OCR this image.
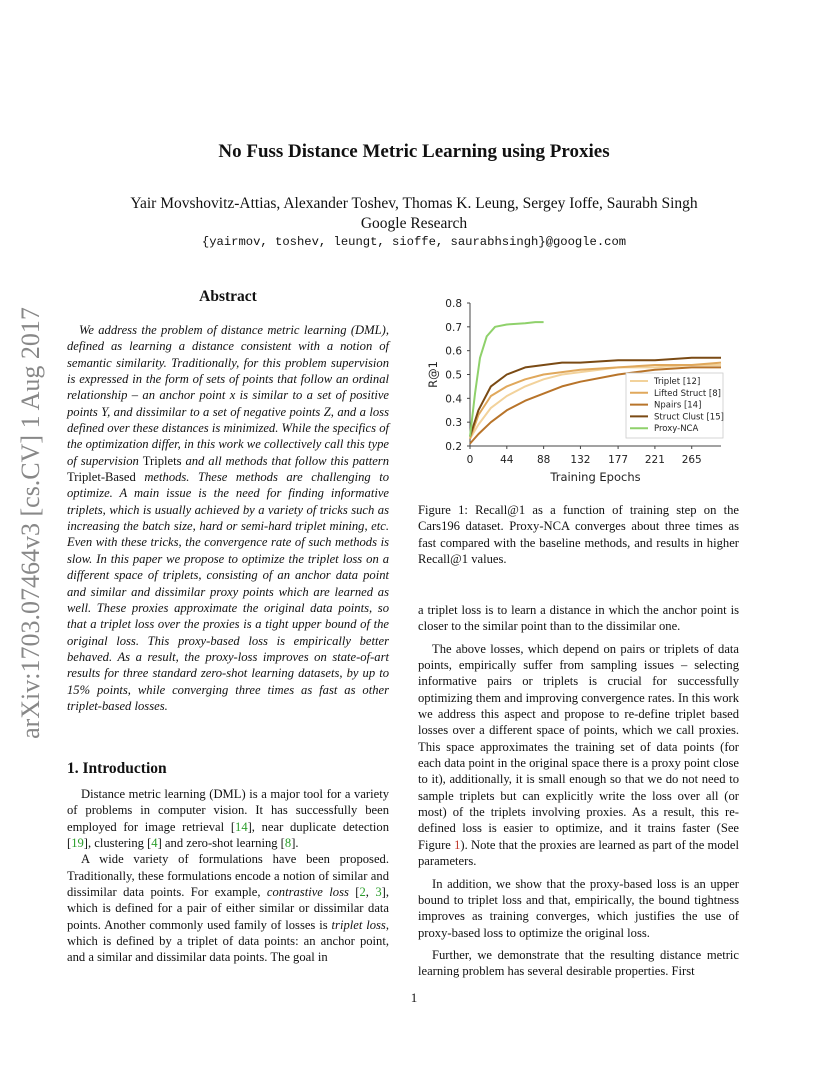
No Fuss Distance Metric Learning using Proxies
Yair Movshovitz-Attias, Alexander Toshev, Thomas K. Leung, Sergey Ioffe, Saurabh Singh
Google Research
{yairmov, toshev, leungt, sioffe, saurabhsingh}@google.com
arXiv:1703.07464v3 [cs.CV] 1 Aug 2017
Abstract

We address the problem of distance metric learning (DML), defined as learning a distance consistent with a notion of semantic similarity. Traditionally, for this problem supervision is expressed in the form of sets of points that follow an ordinal relationship – an anchor point x is similar to a set of positive points Y, and dissimilar to a set of negative points Z, and a loss defined over these distances is minimized. While the specifics of the optimization differ, in this work we collectively call this type of supervision Triplets and all methods that follow this pattern Triplet-Based methods. These methods are challenging to optimize. A main issue is the need for finding informative triplets, which is usually achieved by a variety of tricks such as increasing the batch size, hard or semi-hard triplet mining, etc. Even with these tricks, the convergence rate of such methods is slow. In this paper we propose to optimize the triplet loss on a different space of triplets, consisting of an anchor data point and similar and dissimilar proxy points which are learned as well. These proxies approximate the original data points, so that a triplet loss over the proxies is a tight upper bound of the original loss. This proxy-based loss is empirically better behaved. As a result, the proxy-loss improves on state-of-art results for three standard zero-shot learning datasets, by up to 15% points, while converging three times as fast as other triplet-based losses.

1. Introduction

Distance metric learning (DML) is a major tool for a variety of problems in computer vision. It has successfully been employed for image retrieval [14], near duplicate detection [19], clustering [4] and zero-shot learning [8].

A wide variety of formulations have been proposed. Traditionally, these formulations encode a notion of similar and dissimilar data points. For example, contrastive loss [2, 3], which is defined for a pair of either similar or dissimilar data points. Another commonly used family of losses is triplet loss, which is defined by a triplet of data points: an anchor point, and a similar and dissimilar data points. The goal in

0.2
0.3
0.4
0.5
0.6
0.7
0.8
0	44 88 132 177 221 265
Training Epochs
R@1	Triplet [12]
Lifted Struct [8]
Npairs [14]
Struct Clust [15]
Proxy-NCA
Figure 1: Recall@1 as a function of training step on the Cars196 dataset. Proxy-NCA converges about three times as fast compared with the baseline methods, and results in higher Recall@1 values.

a triplet loss is to learn a distance in which the anchor point is closer to the similar point than to the dissimilar one.

The above losses, which depend on pairs or triplets of data points, empirically suffer from sampling issues – selecting informative pairs or triplets is crucial for successfully optimizing them and improving convergence rates. In this work we address this aspect and propose to re-define triplet based losses over a different space of points, which we call proxies. This space approximates the training set of data points (for each data point in the original space there is a proxy point close to it), additionally, it is small enough so that we do not need to sample triplets but can explicitly write the loss over all (or most) of the triplets involving proxies. As a result, this re-defined loss is easier to optimize, and it trains faster (See Figure 1). Note that the proxies are learned as part of the model parameters.

In addition, we show that the proxy-based loss is an upper bound to triplet loss and that, empirically, the bound tightness improves as training converges, which justifies the use of proxy-based loss to optimize the original loss.

Further, we demonstrate that the resulting distance metric learning problem has several desirable properties. First

1
